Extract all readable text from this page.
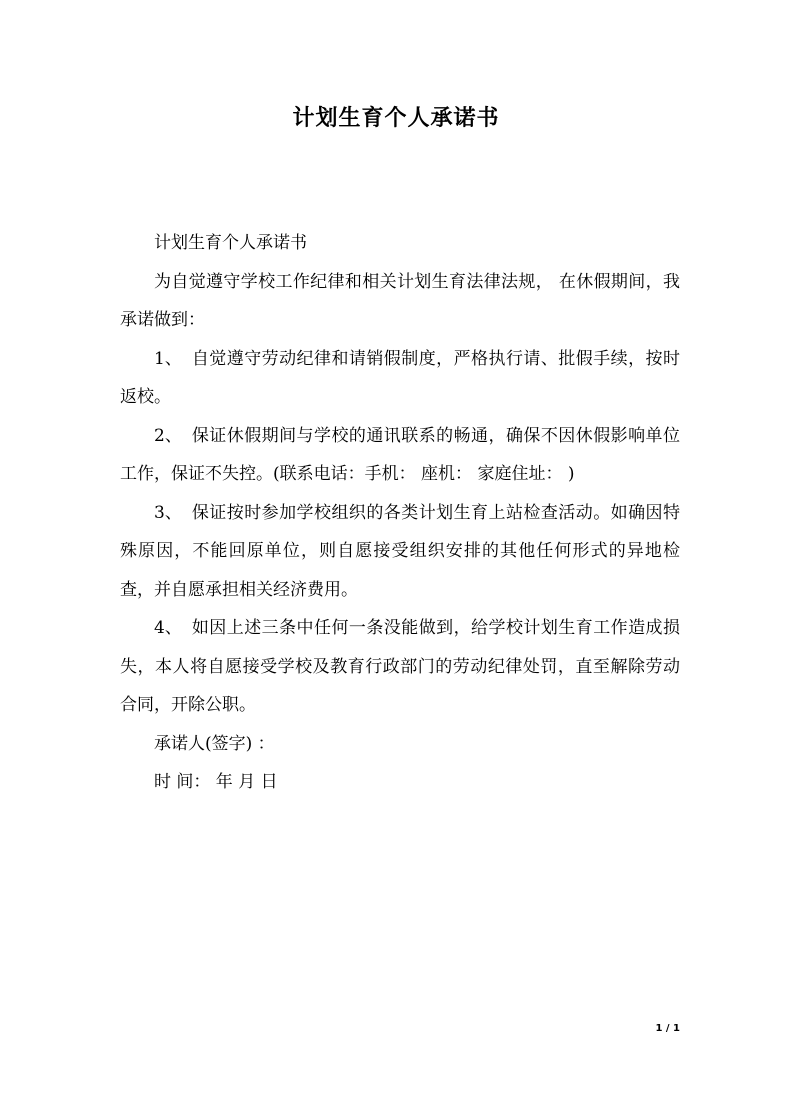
计划生育个人承诺书

计划生育个人承诺书

为自觉遵守学校工作纪律和相关计划生育法律法规， 在休假期间，我承诺做到：

1、 自觉遵守劳动纪律和请销假制度，严格执行请、批假手续，按时返校。

2、 保证休假期间与学校的通讯联系的畅通，确保不因休假影响单位工作，保证不失控。(联系电话：手机： 座机： 家庭住址： )

3、 保证按时参加学校组织的各类计划生育上站检查活动。如确因特殊原因，不能回原单位，则自愿接受组织安排的其他任何形式的异地检查，并自愿承担相关经济费用。

4、 如因上述三条中任何一条没能做到，给学校计划生育工作造成损失，本人将自愿接受学校及教育行政部门的劳动纪律处罚，直至解除劳动合同，开除公职。

承诺人(签字) ：

时 间： 年 月 日

1 / 1
